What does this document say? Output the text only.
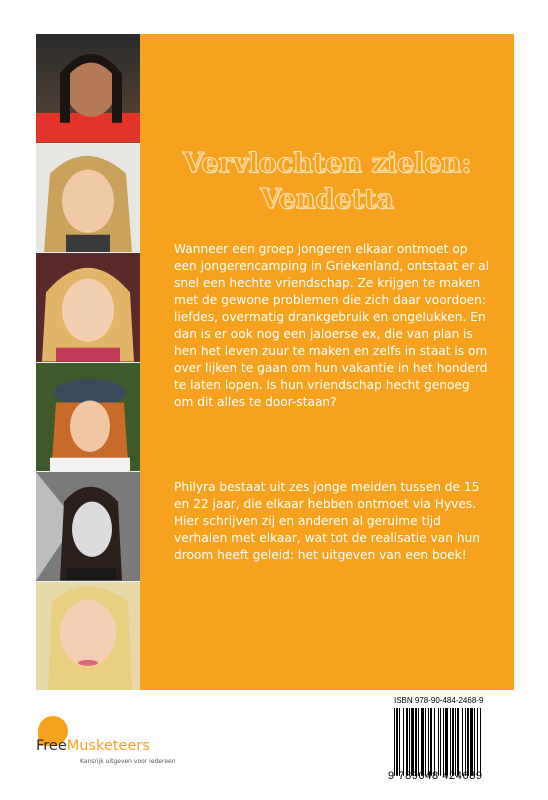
Vervlochten zielen:
Vendetta

Wanneer een groep jongeren elkaar ontmoet op een jongerencamping in Griekenland, ontstaat er al snel een hechte vriendschap. Ze krijgen te maken met de gewone problemen die zich daar voordoen: liefdes, overmatig drankgebruik en ongelukken. En dan is er ook nog een jaloerse ex, die van plan is hen het leven zuur te maken en zelfs in staat is om over lijken te gaan om hun vakantie in het honderd te laten lopen. Is hun vriendschap hecht genoeg om dit alles te door-staan?

Philyra bestaat uit zes jonge meiden tussen de 15 en 22 jaar, die elkaar hebben ontmoet via Hyves. Hier schrijven zij en anderen al geruime tijd verhalen met elkaar, wat tot de realisatie van hun droom heeft geleid: het uitgeven van een boek!

FreeMusketeers
Kansrijk uitgeven voor iedereen
ISBN 978-90-484-2468-9
9 789048 424689
